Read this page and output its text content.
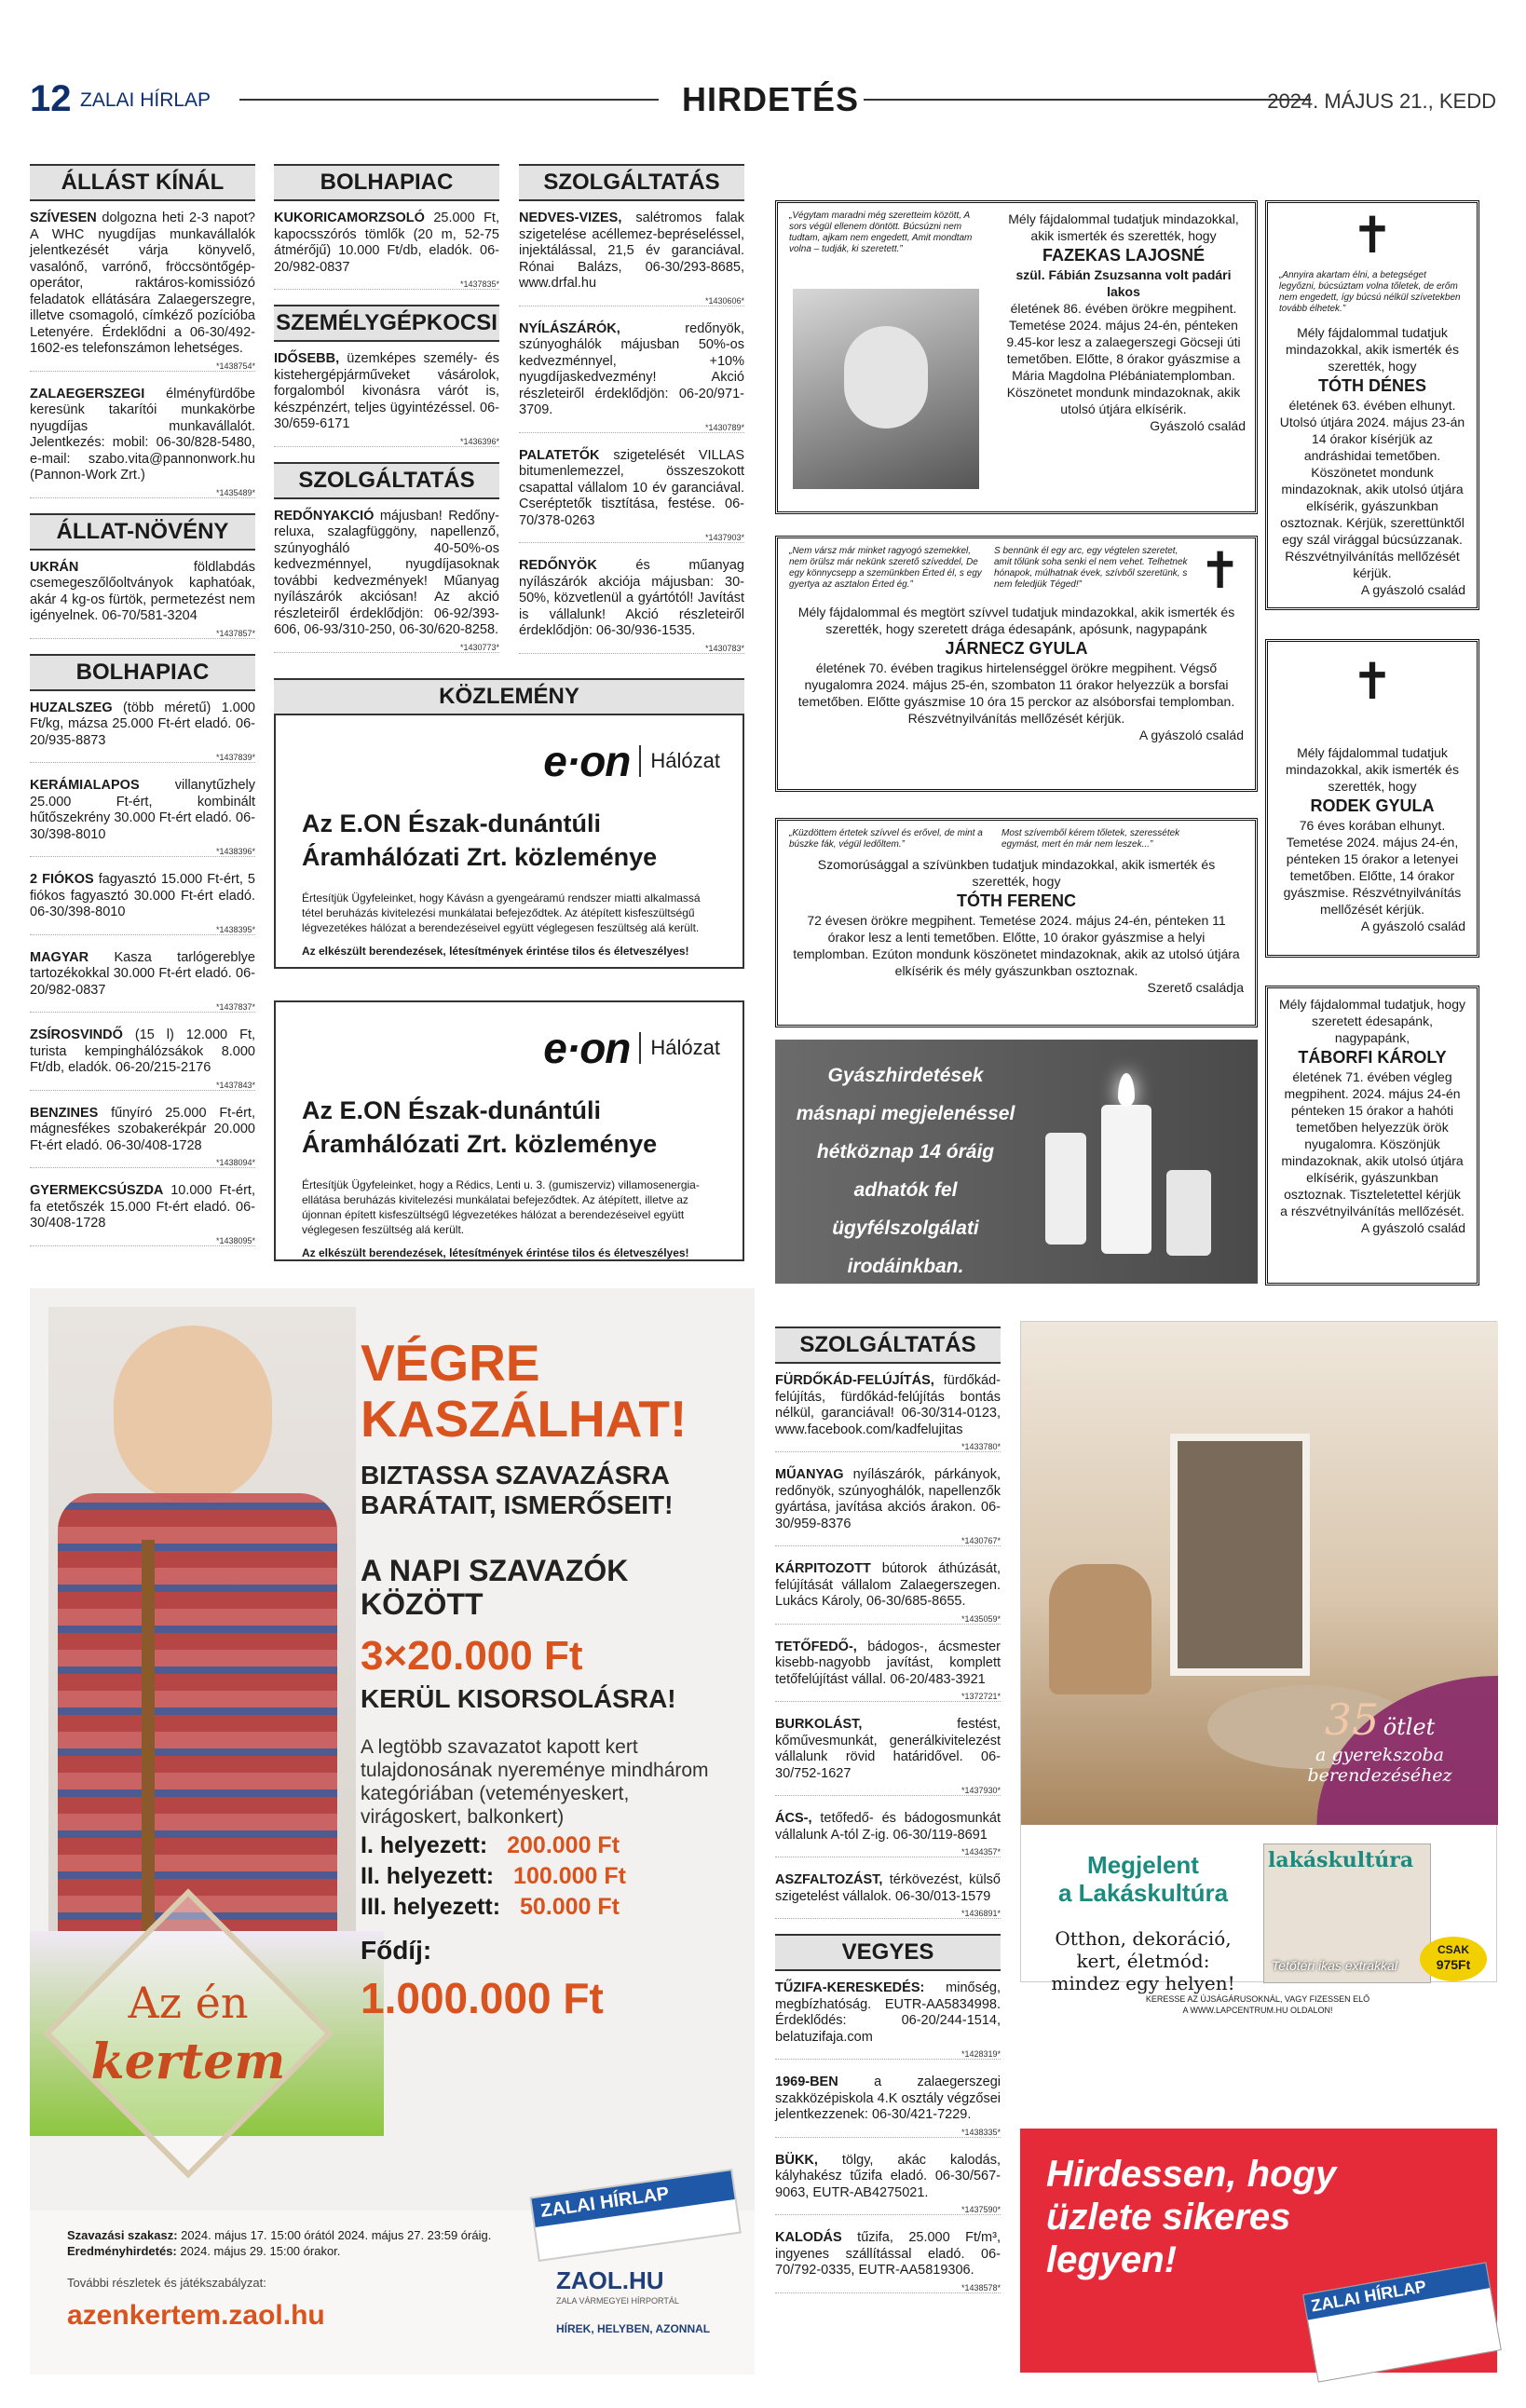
12 ZALAI HÍRLAP	HIRDETÉS	2024. MÁJUS 21., KEDD
ÁLLÁST KÍNÁL
SZÍVESEN dolgozna heti 2-3 napot? A WHC nyugdíjas munkavállalók jelentkezését várja könyvelő, vasalónő, varrónő, fröccsöntőgép-operátor, raktáros-komissiózó feladatok ellátására Zalaegerszegre, illetve csomagoló, címkéző pozícióba Letenyére. Érdeklődni a 06-30/492-1602-es telefonszámon lehetséges.
*1438754*
ZALAEGERSZEGI élményfürdőbe keresünk takarítói munkakörbe nyugdíjas munkavállalót. Jelentkezés: mobil: 06-30/828-5480, e-mail: szabo.vita@pannonwork.hu (Pannon-Work Zrt.)
*1435489*
ÁLLAT-NÖVÉNY
UKRÁN földlabdás csemegeszőlőoltványok kaphatóak, akár 4 kg-os fürtök, permetezést nem igényelnek. 06-70/581-3204
*1437857*
BOLHAPIAC
HUZALSZEG (több méretű) 1.000 Ft/kg, mázsa 25.000 Ft-ért eladó. 06-20/935-8873
*1437839*
KERÁMIALAPOS villanytűzhely 25.000 Ft-ért, kombinált hűtőszekrény 30.000 Ft-ért eladó. 06-30/398-8010
*1438396*
2 FIÓKOS fagyasztó 15.000 Ft-ért, 5 fiókos fagyasztó 30.000 Ft-ért eladó. 06-30/398-8010
*1438395*
MAGYAR Kasza tarlógereblye tartozékokkal 30.000 Ft-ért eladó. 06-20/982-0837
*1437837*
ZSÍROSVINDŐ (15 l) 12.000 Ft, turista kempinghálózsákok 8.000 Ft/db, eladók. 06-20/215-2176
*1437843*
BENZINES fűnyíró 25.000 Ft-ért, mágnesfékes szobakerékpár 20.000 Ft-ért eladó. 06-30/408-1728
*1438094*
GYERMEKCSÚSZDA 10.000 Ft-ért, fa etetőszék 15.000 Ft-ért eladó. 06-30/408-1728
*1438095*
BOLHAPIAC
KUKORICAMORZSOLÓ 25.000 Ft, kapocsszórós tömlők (20 m, 52-75 átmérőjű) 10.000 Ft/db, eladók. 06-20/982-0837
*1437835*
SZEMÉLYGÉPKOCSI
IDŐSEBB, üzemképes személy- és kistehergépjárműveket vásárolok, forgalomból kivonásra várót is, készpénzért, teljes ügyintézéssel. 06-30/659-6171
*1436396*
SZOLGÁLTATÁS
REDŐNYAKCIÓ májusban! Redőny-reluxa, szalagfüggöny, napellenző, szúnyogháló 40-50%-os kedvezménnyel, nyugdíjasoknak további kedvezmények! Műanyag nyílászárók akciósan! Az akció részleteiről érdeklődjön: 06-92/393-606, 06-93/310-250, 06-30/620-8258.
*1430773*
SZOLGÁLTATÁS
NEDVES-VIZES, salétromos falak szigetelése acéllemez-bepréseléssel, injektálással, 21,5 év garanciával. Rónai Balázs, 06-30/293-8685, www.drfal.hu
*1430606*
NYÍLÁSZÁRÓK, redőnyök, szúnyoghálók májusban 50%-os kedvezménnyel, +10% nyugdíjaskedvezmény! Akció részleteiről érdeklődjön: 06-20/971-3709.
*1430789*
PALATETŐK szigetelését VILLAS bitumenlemezzel, összeszokott csapattal vállalom 10 év garanciával. Cseréptetők tisztítása, festése. 06-70/378-0263
*1437903*
REDŐNYÖK és műanyag nyílászárók akciója májusban: 30-50%, közvetlenül a gyártótól! Javítást is vállalunk! Akció részleteiről érdeklődjön: 06-30/936-1535.
*1430783*
KÖZLEMÉNY
e·on Hálózat
Az E.ON Észak-dunántúli Áramhálózati Zrt. közleménye
Értesítjük Ügyfeleinket, hogy Kávásn a gyengeáramú rendszer miatti alkalmassá tétel beruházás kivitelezési munkálatai befejeződtek. Az átépített kisfeszültségű légvezetékes hálózat a berendezéseivel együtt véglegesen feszültség alá került.
Az elkészült berendezések, létesítmények érintése tilos és életveszélyes!
e·on Hálózat
Az E.ON Észak-dunántúli Áramhálózati Zrt. közleménye
Értesítjük Ügyfeleinket, hogy a Rédics, Lenti u. 3. (gumiszerviz) villamosenergia-ellátása beruházás kivitelezési munkálatai befejeződtek. Az átépített, illetve az újonnan épített kisfeszültségű légvezetékes hálózat a berendezéseivel együtt véglegesen feszültség alá került.
Az elkészült berendezések, létesítmények érintése tilos és életveszélyes!
„Végytam maradni még szeretteim között, A sors végül ellenem döntött. Búcsúzni nem tudtam, ajkam nem engedett, Amit mondtam volna – tudják, ki szeretett.”
Mély fájdalommal tudatjuk mindazokkal, akik ismerték és szerették, hogy
FAZEKAS LAJOSNÉ
szül. Fábián Zsuzsanna volt padári lakos
életének 86. évében örökre megpihent. Temetése 2024. május 24-én, pénteken 9.45-kor lesz a zalaegerszegi Göcseji úti temetőben. Előtte, 8 órakor gyászmise a Mária Magdolna Plébániatemplomban. Köszönetet mondunk mindazoknak, akik utolsó útjára elkísérik.
Gyászoló család
✝
„Annyira akartam élni, a betegséget legyőzni, búcsúztam volna tőletek, de erőm nem engedett, így búcsú nélkül szívetekben tovább élhetek.”
Mély fájdalommal tudatjuk mindazokkal, akik ismerték és szerették, hogy
TÓTH DÉNES
életének 63. évében elhunyt. Utolsó útjára 2024. május 23-án 14 órakor kísérjük az andráshidai temetőben. Köszönetet mondunk mindazoknak, akik utolsó útjára elkísérik, gyászunkban osztoznak. Kérjük, szerettünktől egy szál virággal búcsúzzanak. Részvétnyilvánítás mellőzését kérjük.
A gyászoló család
„Nem vársz már minket ragyogó szemekkel, nem örülsz már nekünk szerető szíveddel, De egy könnycsepp a szemünkben Érted él, s egy gyertya az asztalon Érted ég.”
S bennünk él egy arc, egy végtelen szeretet, amit tőlünk soha senki el nem vehet. Telhetnek hónapok, múlhatnak évek, szívből szeretünk, s nem feledjük Téged!”	✝
Mély fájdalommal és megtört szívvel tudatjuk mindazokkal, akik ismerték és szerették, hogy szeretett drága édesapánk, apósunk, nagypapánk
JÁRNECZ GYULA
életének 70. évében tragikus hirtelenséggel örökre megpihent. Végső nyugalomra 2024. május 25-én, szombaton 11 órakor helyezzük a borsfai temetőben. Előtte gyászmise 10 óra 15 perckor az alsóborsfai templomban. Részvétnyilvánítás mellőzését kérjük.
A gyászoló család
✝
Mély fájdalommal tudatjuk mindazokkal, akik ismerték és szerették, hogy
RODEK GYULA
76 éves korában elhunyt. Temetése 2024. május 24-én, pénteken 15 órakor a letenyei temetőben. Előtte, 14 órakor gyászmise. Részvétnyilvánítás mellőzését kérjük.
A gyászoló család
„Küzdöttem értetek szívvel és erővel, de mint a búszke fák, végül ledőltem.”
Most szívemből kérem tőletek, szeressétek egymást, mert én már nem leszek...”
Szomorúsággal a szívünkben tudatjuk mindazokkal, akik ismerték és szerették, hogy
TÓTH FERENC
72 évesen örökre megpihent. Temetése 2024. május 24-én, pénteken 11 órakor lesz a lenti temetőben. Előtte, 10 órakor gyászmise a helyi templomban. Ezúton mondunk köszönetet mindazoknak, akik az utolsó útjára elkísérik és mély gyászunkban osztoznak.
Szerető családja
Mély fájdalommal tudatjuk, hogy szeretett édesapánk, nagypapánk,
TÁBORFI KÁROLY
életének 71. évében végleg megpihent. 2024. május 24-én pénteken 15 órakor a hahóti temetőben helyezzük örök nyugalomra. Köszönjük mindazoknak, akik utolsó útjára elkísérik, gyászunkban osztoznak. Tiszteletettel kérjük a részvétnyilvánítás mellőzését.
A gyászoló család
Gyászhirdetések
másnapi megjelenéssel
hétköznap 14 óráig
adhatók fel
ügyfélszolgálati
irodáinkban.
SZOLGÁLTATÁS
FÜRDŐKÁD-FELÚJÍTÁS, fürdőkád-felújítás, fürdőkád-felújítás bontás nélkül, garanciával! 06-30/314-0123, www.facebook.com/kadfelujitas
*1433780*
MŰANYAG nyílászárók, párkányok, redőnyök, szúnyoghálók, napellenzők gyártása, javítása akciós árakon. 06-30/959-8376
*1430767*
KÁRPITOZOTT bútorok áthúzását, felújítását vállalom Zalaegerszegen. Lukács Károly, 06-30/685-8655.
*1435059*
TETŐFEDŐ-, bádogos-, ácsmester kisebb-nagyobb javítást, komplett tetőfelújítást vállal. 06-20/483-3921
*1372721*
BURKOLÁST, festést, kőművesmunkát, generálkivitelezést vállalunk rövid határidővel. 06-30/752-1627
*1437930*
ÁCS-, tetőfedő- és bádogosmunkát vállalunk A-tól Z-ig. 06-30/119-8691
*1434357*
ASZFALTOZÁST, térkövezést, külső szigetelést vállalok. 06-30/013-1579
*1436891*
VEGYES
TŰZIFA-KERESKEDÉS: minőség, megbízhatóság. EUTR-AA5834998. Érdeklődés: 06-20/244-1514, belatuzifaja.com
*1428319*
1969-BEN a zalaegerszegi szakközépiskola 4.K osztály végzősei jelentkezzenek: 06-30/421-7229.
*1438335*
BÜKK, tölgy, akác kalodás, kályhakész tűzifa eladó. 06-30/567-9063, EUTR-AB4275021.
*1437590*
KALODÁS tűzifa, 25.000 Ft/m³, ingyenes szállítással eladó. 06-70/792-0335, EUTR-AA5819306.
*1438578*
Az én
kertem
VÉGRE KASZÁLHAT!
BIZTASSA SZAVAZÁSRA BARÁTAIT, ISMERŐSEIT!
A NAPI SZAVAZÓK KÖZÖTT
3×20.000 Ft
KERÜL KISORSOLÁSRA!
A legtöbb szavazatot kapott kert tulajdonosának nyereménye mindhárom kategóriában (veteményeskert, virágoskert, balkonkert)
I. helyezett: 200.000 Ft
II. helyezett: 100.000 Ft
III. helyezett: 50.000 Ft
Fődíj:
1.000.000 Ft
Szavazási szakasz: 2024. május 17. 15:00 órától 2024. május 27. 23:59 óráig.
Eredményhirdetés: 2024. május 29. 15:00 órakor.
További részletek és játékszabályzat:
azenkertem.zaol.hu
ZALAI HÍRLAP
ZAOL.HU
ZALA VÁRMEGYEI HÍRPORTÁL
HÍREK, HELYBEN, AZONNAL
35 ötlet
a gyerekszoba berendezéséhez
Megjelent
a Lakáskultúra
Otthon, dekoráció, kert, életmód:
mindez egy helyen!
lakáskultúra
Tetőtéri ikas extrakkal
CSAK
975Ft
KERESSE AZ ÚJSÁGÁRUSOKNÁL, VAGY FIZESSEN ELŐ
A WWW.LAPCENTRUM.HU OLDALON!
Hirdessen, hogy
üzlete sikeres
legyen!
ZALAI HÍRLAP
